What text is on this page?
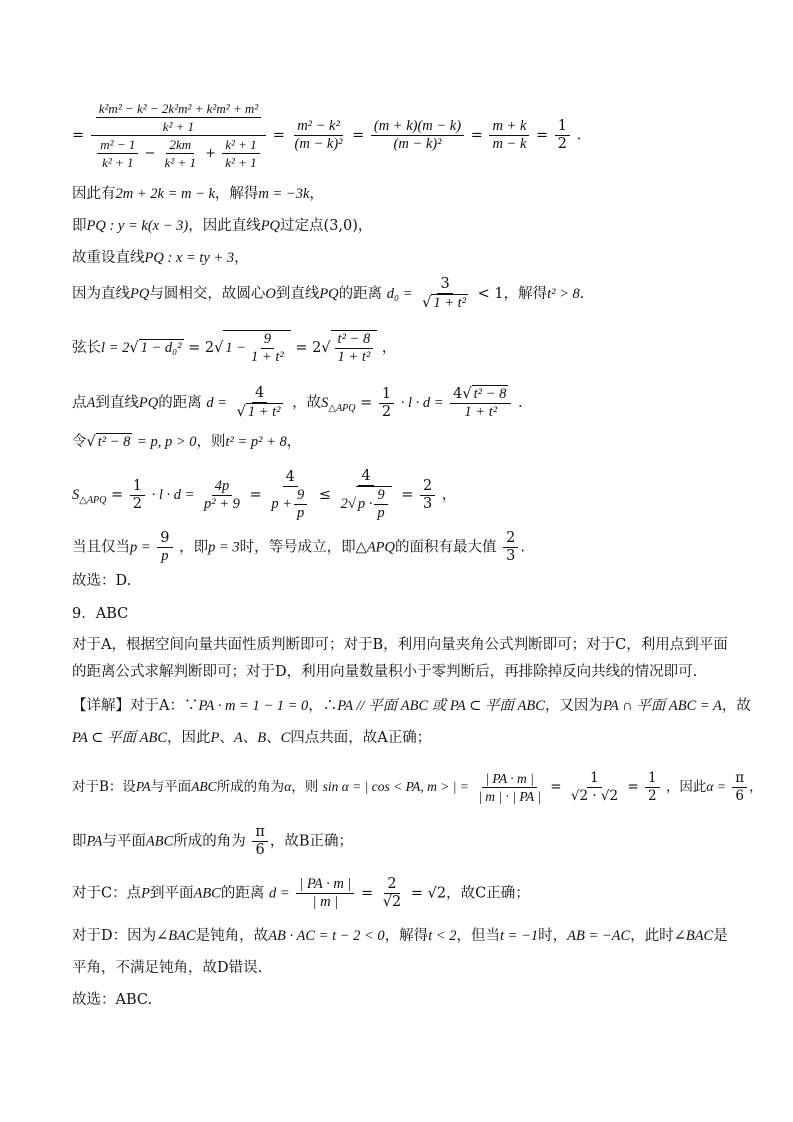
=
$\frac{\text{k²m² − k² − 2k²m² + k²m² + m²}}{\text{k² + 1}}$
$\frac{\text{m² − 1}}{\text{k² + 1}} - \frac{2km}{\text{k² + 1}} + \frac{\text{k² + 1}}{\text{k² + 1}}$
= $\frac{\text{m² − k²}}{\text{(m − k)²}} = \frac{(m + k)(m - k)}{\text{(m − k)²}} = \frac{m + k}{m - k} = \frac{1}{2}$ .
因此有2m + 2k = m − k，解得m = −3k，
即PQ : y = k(x − 3)，因此直线PQ过定点(3,0)，
故重设直线PQ : x = ty + 3，
因为直线PQ与圆相交，故圆心O到直线PQ的距离 $d_0 = \frac{3}{\text{√ 1 + t²}} < 1$，解得t² > 8.
弦长l = 2√ 1 − d₀² = 2√ $1 - \frac{9}{\text{1 + t²}} = 2√ \frac{\text{t² − 8}}{\text{1 + t²}}$ ，
点A到直线PQ的距离 $d = \frac{4}{\text{√ 1 + t²}}$ ，故$S_{\triangle APQ} = \frac{1}{2} \cdot l \cdot d = \frac{\text{4√ t² − 8}}{\text{1 + t²}}$ .
令√ t² − 8 = p, p > 0，则t² = p² + 8，
$S_{\triangle APQ} = \frac{1}{2} \cdot l \cdot d = \frac{4p}{\text{p² + 9}} = \frac{4}{p + \frac{9}{p}} \le \frac{4}{2√ p \cdot \frac{9}{p}} = \frac{2}{3}$ ，
当且仅当$p = \frac{9}{p}$ ，即p = 3时，等号成立，即△APQ的面积有最大值 $\frac{2}{3}$ .
故选：D.
9．ABC
对于A，根据空间向量共面性质判断即可；对于B，利用向量夹角公式判断即可；对于C，利用点到平面的距离公式求解判断即可；对于D，利用向量数量积小于零判断后，再排除掉反向共线的情况即可.
【详解】对于A：∵PA · m = 1 − 1 = 0，∴PA // 平面 ABC 或 PA ⊂ 平面 ABC，又因为PA ∩ 平面 ABC = A，故
PA ⊂ 平面 ABC，因此P、A、B、C四点共面，故A正确；
对于B：设PA与平面ABC所成的角为α，则 sin α = | cos < PA, m > | = $\frac{| PA \cdot m |}{| m | \cdot | PA |} = \frac{1}{√2 \cdot √2} = \frac{1}{2}$ ，因此$\alpha = \frac{\pi}{6}$ ，
即PA与平面ABC所成的角为 $\frac{\pi}{6}$ ，故B正确；
对于C：点P到平面ABC的距离 $d = \frac{| PA \cdot m |}{| m |} = \frac{2}{√2} = √2$，故C正确；
对于D：因为∠BAC是钝角，故AB · AC = t − 2 < 0，解得t < 2，但当t = −1时，AB = −AC，此时∠BAC是
平角，不满足钝角，故D错误.
故选：ABC.
